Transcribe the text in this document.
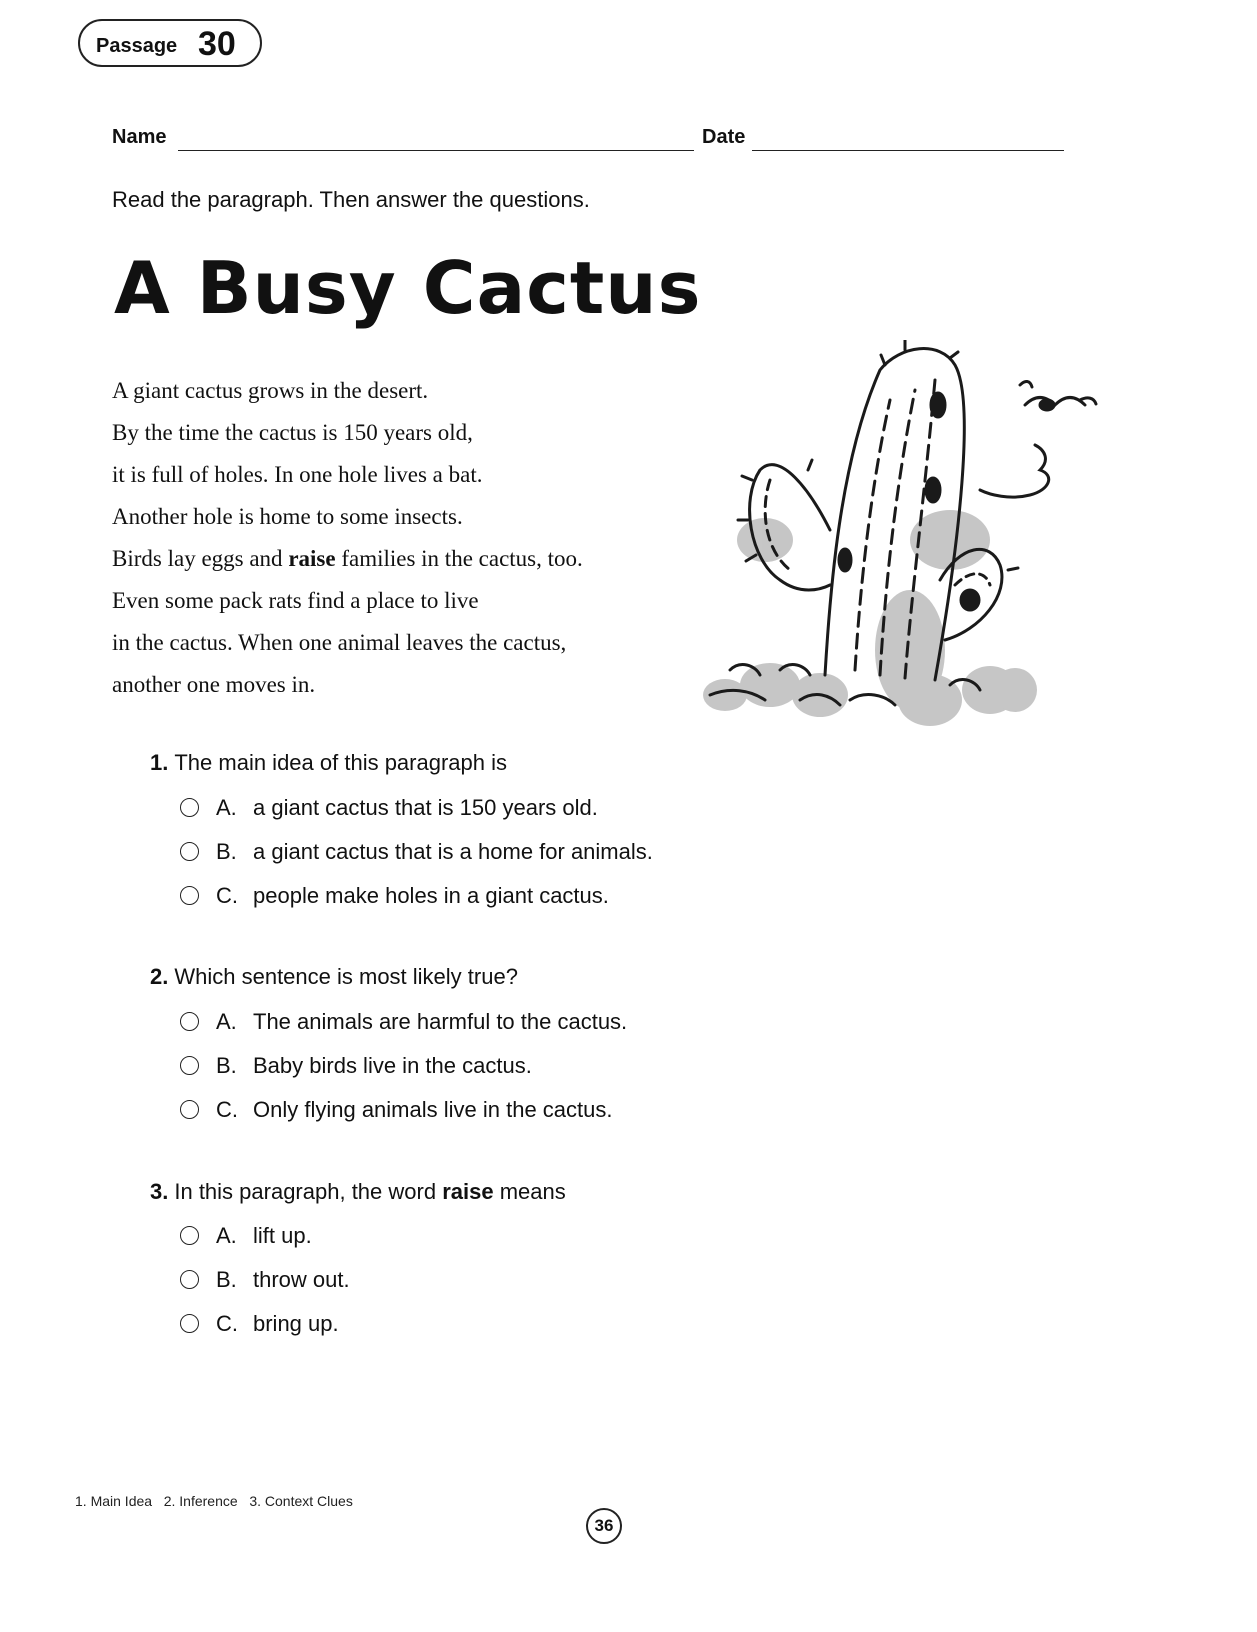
Passage 30
Name	Date
Read the paragraph. Then answer the questions.
A Busy Cactus
A giant cactus grows in the desert.
By the time the cactus is 150 years old,
it is full of holes. In one hole lives a bat.
Another hole is home to some insects.
Birds lay eggs and raise families in the cactus, too.
Even some pack rats find a place to live
in the cactus. When one animal leaves the cactus,
another one moves in.
1. The main idea of this paragraph is
A. a giant cactus that is 150 years old.
B. a giant cactus that is a home for animals.
C. people make holes in a giant cactus.
2. Which sentence is most likely true?
A. The animals are harmful to the cactus.
B. Baby birds live in the cactus.
C. Only flying animals live in the cactus.
3. In this paragraph, the word raise means
A. lift up.
B. throw out.
C. bring up.
1. Main Idea   2. Inference   3. Context Clues
36
